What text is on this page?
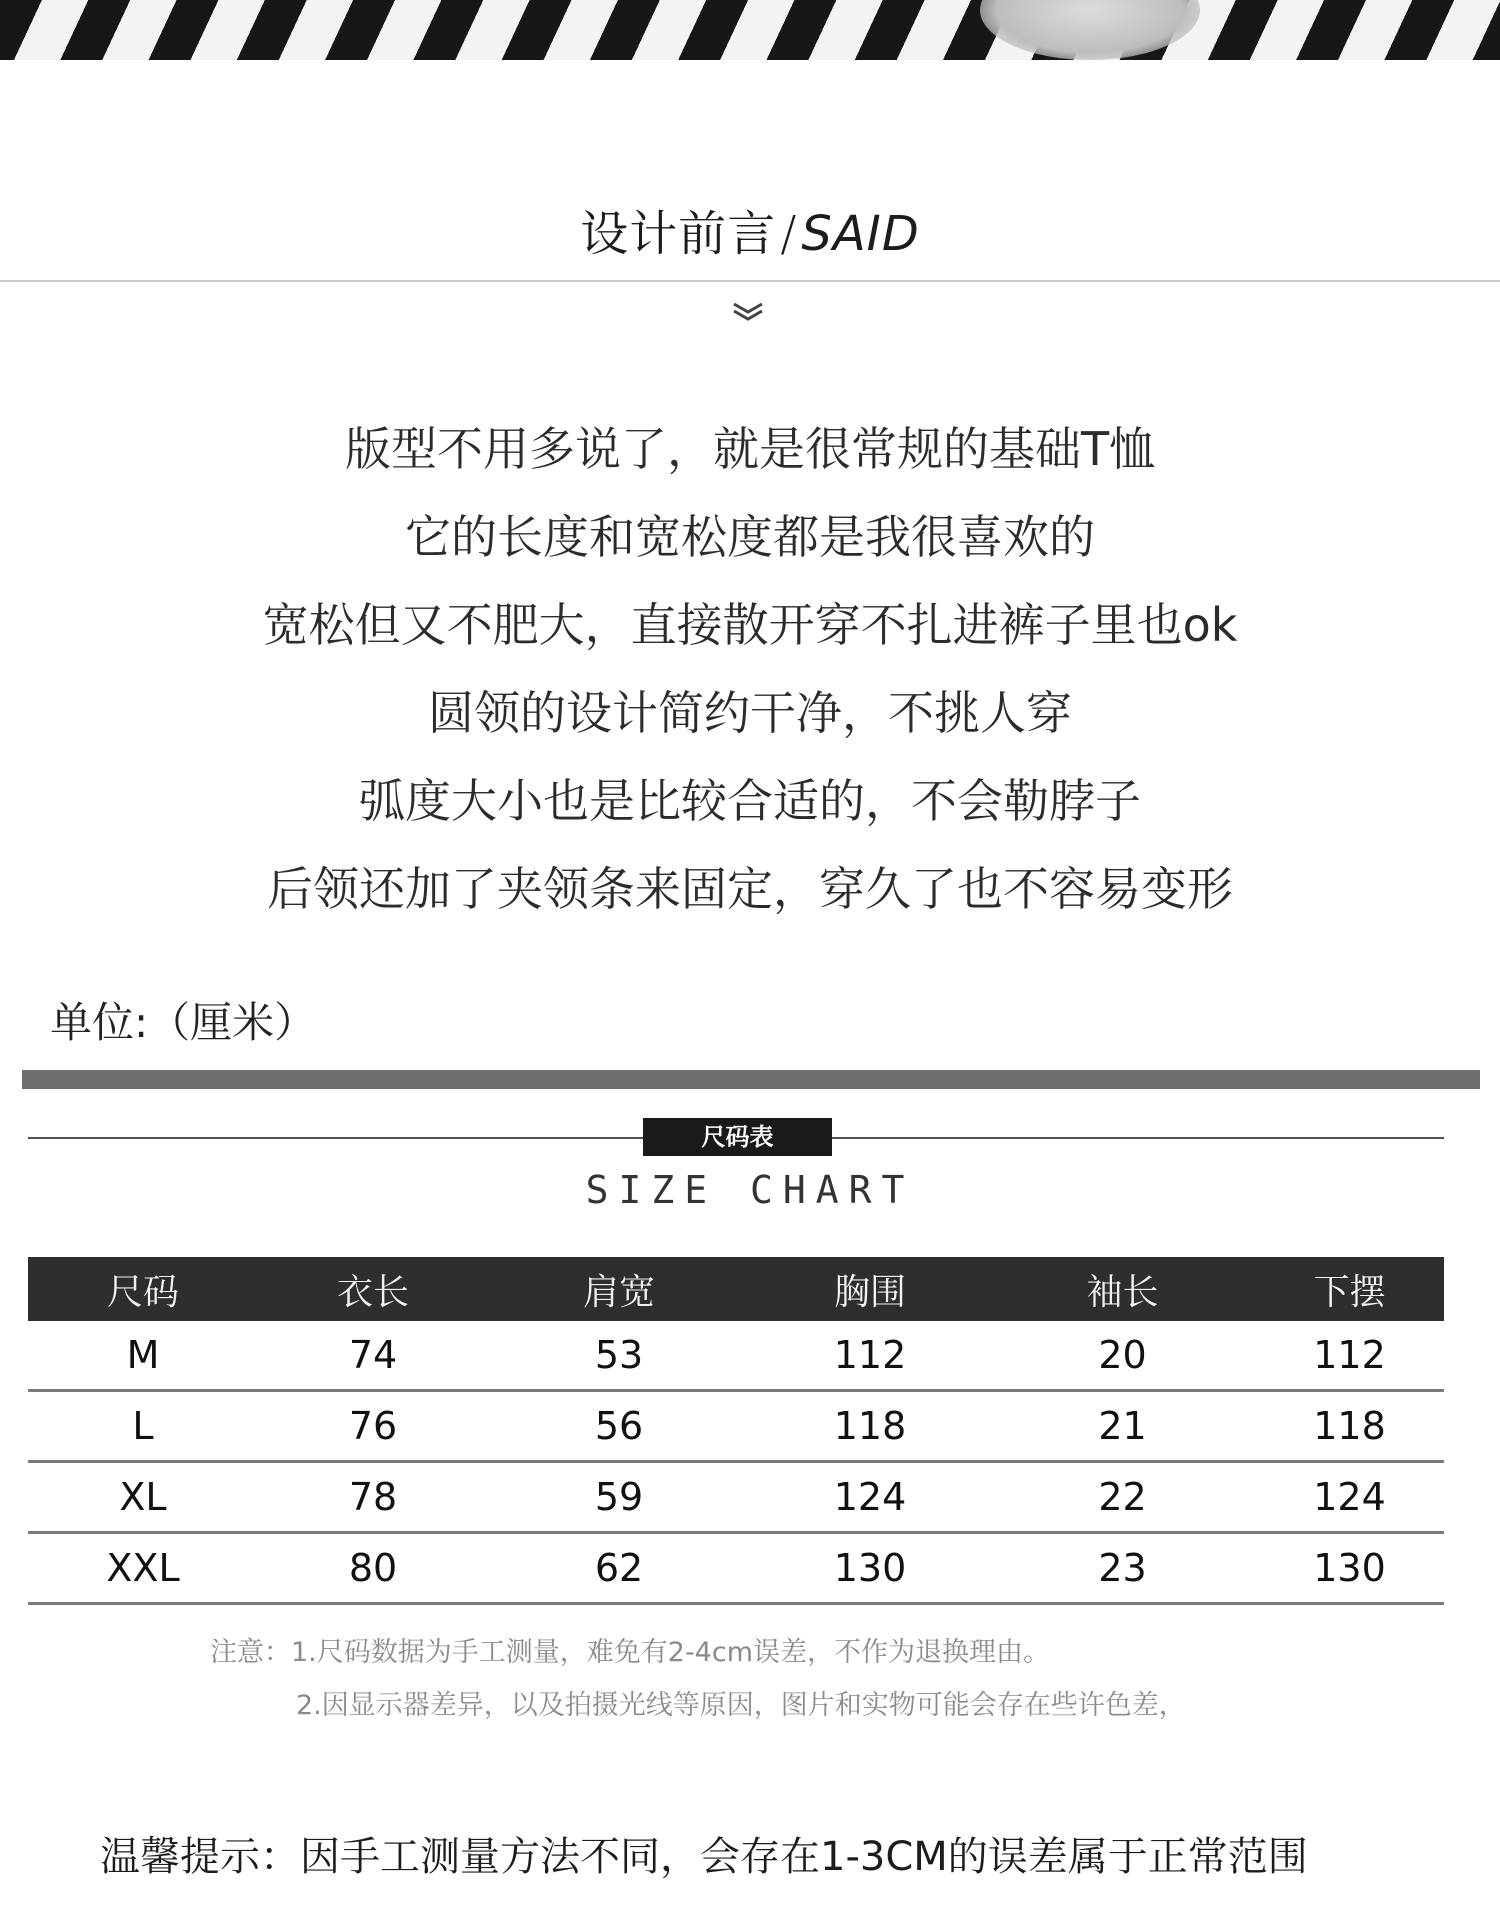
设计前言/SAID
版型不用多说了，就是很常规的基础T恤
它的长度和宽松度都是我很喜欢的
宽松但又不肥大，直接散开穿不扎进裤子里也ok
圆领的设计简约干净，不挑人穿
弧度大小也是比较合适的，不会勒脖子
后领还加了夹领条来固定，穿久了也不容易变形
单位:（厘米）
尺码表
SIZE CHART
尺码	衣长	肩宽	胸围	袖长	下摆
M	74	53	112	20	112
L	76	56	118	21	118
XL	78	59	124	22	124
XXL	80	62	130	23	130
注意：1.尺码数据为手工测量，难免有2-4cm误差，不作为退换理由。
2.因显示器差异，以及拍摄光线等原因，图片和实物可能会存在些许色差，
温馨提示：因手工测量方法不同，会存在1-3CM的误差属于正常范围
